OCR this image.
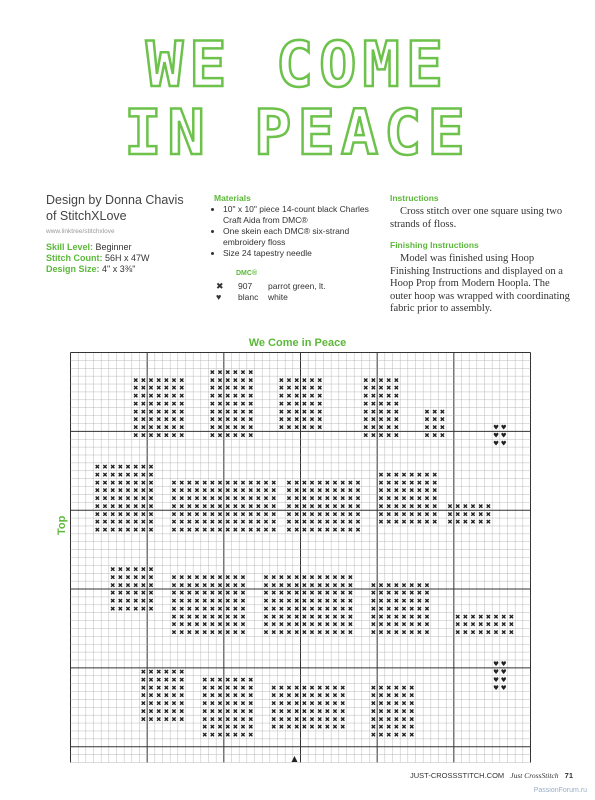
WE COME
IN PEACE
Design by Donna Chavis
of StitchXLove
www.linktree/stitchxlove
Skill Level: Beginner
Stitch Count: 56H x 47W
Design Size: 4" x 3⅜"
Materials
• 10" x 10" piece 14-count black Charles Craft Aida from DMC®
• One skein each DMC® six-strand embroidery floss
• Size 24 tapestry needle
DMC®
✖	907	parrot green, lt.
♥	blanc	white
Instructions

Cross stitch over one square using two strands of floss.

Finishing Instructions

Model was finished using Hoop Finishing Instructions and displayed on a Hoop Prop from Modern Hoopla. The outer hoop was wrapped with coordinating fabric prior to assembly.

We Come in Peace
Top
✖ ✖ ✖ ✖ ✖ ✖ ✖
✖ ✖ ✖ ✖ ✖ ✖ ✖
✖ ✖ ✖ ✖ ✖ ✖ ✖
✖ ✖ ✖ ✖ ✖ ✖ ✖
✖ ✖ ✖ ✖ ✖ ✖ ✖
✖ ✖ ✖ ✖ ✖ ✖ ✖
✖ ✖ ✖ ✖ ✖ ✖ ✖
✖ ✖ ✖ ✖ ✖ ✖ ✖
✖ ✖ ✖ ✖ ✖ ✖
✖ ✖ ✖ ✖ ✖ ✖
✖ ✖ ✖ ✖ ✖ ✖
✖ ✖ ✖ ✖ ✖ ✖
✖ ✖ ✖ ✖ ✖ ✖
✖ ✖ ✖ ✖ ✖ ✖
✖ ✖ ✖ ✖ ✖ ✖
✖ ✖ ✖ ✖ ✖ ✖
✖ ✖ ✖ ✖ ✖ ✖
✖ ✖ ✖ ✖ ✖ ✖
✖ ✖ ✖ ✖ ✖ ✖
✖ ✖ ✖ ✖ ✖ ✖
✖ ✖ ✖ ✖ ✖ ✖
✖ ✖ ✖ ✖ ✖ ✖
✖ ✖ ✖ ✖ ✖ ✖
✖ ✖ ✖ ✖ ✖ ✖
✖ ✖ ✖ ✖ ✖
✖ ✖ ✖ ✖ ✖
✖ ✖ ✖ ✖ ✖
✖ ✖ ✖ ✖ ✖
✖ ✖ ✖ ✖ ✖
✖ ✖ ✖ ✖ ✖
✖ ✖ ✖ ✖ ✖
✖ ✖ ✖ ✖ ✖
✖ ✖ ✖
✖ ✖ ✖
✖ ✖ ✖
✖ ✖ ✖
♥ ♥
♥ ♥
♥ ♥
✖ ✖ ✖ ✖ ✖ ✖ ✖ ✖
✖ ✖ ✖ ✖ ✖ ✖ ✖ ✖
✖ ✖ ✖ ✖ ✖ ✖ ✖ ✖
✖ ✖ ✖ ✖ ✖ ✖ ✖ ✖
✖ ✖ ✖ ✖ ✖ ✖ ✖ ✖
✖ ✖ ✖ ✖ ✖ ✖ ✖ ✖
✖ ✖ ✖ ✖ ✖ ✖ ✖ ✖
✖ ✖ ✖ ✖ ✖ ✖ ✖ ✖
✖ ✖ ✖ ✖ ✖ ✖ ✖ ✖
✖ ✖ ✖ ✖ ✖ ✖ ✖ ✖ ✖ ✖ ✖ ✖ ✖ ✖
✖ ✖ ✖ ✖ ✖ ✖ ✖ ✖ ✖ ✖ ✖ ✖ ✖ ✖
✖ ✖ ✖ ✖ ✖ ✖ ✖ ✖ ✖ ✖ ✖ ✖ ✖ ✖
✖ ✖ ✖ ✖ ✖ ✖ ✖ ✖ ✖ ✖ ✖ ✖ ✖ ✖
✖ ✖ ✖ ✖ ✖ ✖ ✖ ✖ ✖ ✖ ✖ ✖ ✖ ✖
✖ ✖ ✖ ✖ ✖ ✖ ✖ ✖ ✖ ✖ ✖ ✖ ✖ ✖
✖ ✖ ✖ ✖ ✖ ✖ ✖ ✖ ✖ ✖ ✖ ✖ ✖ ✖
✖ ✖ ✖ ✖ ✖ ✖ ✖ ✖ ✖ ✖
✖ ✖ ✖ ✖ ✖ ✖ ✖ ✖ ✖ ✖
✖ ✖ ✖ ✖ ✖ ✖ ✖ ✖ ✖ ✖
✖ ✖ ✖ ✖ ✖ ✖ ✖ ✖ ✖ ✖
✖ ✖ ✖ ✖ ✖ ✖ ✖ ✖ ✖ ✖
✖ ✖ ✖ ✖ ✖ ✖ ✖ ✖ ✖ ✖
✖ ✖ ✖ ✖ ✖ ✖ ✖ ✖ ✖ ✖
✖ ✖ ✖ ✖ ✖ ✖ ✖ ✖
✖ ✖ ✖ ✖ ✖ ✖ ✖ ✖
✖ ✖ ✖ ✖ ✖ ✖ ✖ ✖
✖ ✖ ✖ ✖ ✖ ✖ ✖ ✖
✖ ✖ ✖ ✖ ✖ ✖ ✖ ✖
✖ ✖ ✖ ✖ ✖ ✖ ✖ ✖
✖ ✖ ✖ ✖ ✖ ✖ ✖ ✖
✖ ✖ ✖ ✖ ✖ ✖
✖ ✖ ✖ ✖ ✖ ✖
✖ ✖ ✖ ✖ ✖ ✖
✖ ✖ ✖ ✖ ✖ ✖
✖ ✖ ✖ ✖ ✖ ✖
✖ ✖ ✖ ✖ ✖ ✖
✖ ✖ ✖ ✖ ✖ ✖
✖ ✖ ✖ ✖ ✖ ✖
✖ ✖ ✖ ✖ ✖ ✖
✖ ✖ ✖ ✖ ✖ ✖ ✖ ✖ ✖ ✖
✖ ✖ ✖ ✖ ✖ ✖ ✖ ✖ ✖ ✖
✖ ✖ ✖ ✖ ✖ ✖ ✖ ✖ ✖ ✖
✖ ✖ ✖ ✖ ✖ ✖ ✖ ✖ ✖ ✖
✖ ✖ ✖ ✖ ✖ ✖ ✖ ✖ ✖ ✖
✖ ✖ ✖ ✖ ✖ ✖ ✖ ✖ ✖ ✖
✖ ✖ ✖ ✖ ✖ ✖ ✖ ✖ ✖ ✖
✖ ✖ ✖ ✖ ✖ ✖ ✖ ✖ ✖ ✖
✖ ✖ ✖ ✖ ✖ ✖ ✖ ✖ ✖ ✖ ✖ ✖
✖ ✖ ✖ ✖ ✖ ✖ ✖ ✖ ✖ ✖ ✖ ✖
✖ ✖ ✖ ✖ ✖ ✖ ✖ ✖ ✖ ✖ ✖ ✖
✖ ✖ ✖ ✖ ✖ ✖ ✖ ✖ ✖ ✖ ✖ ✖
✖ ✖ ✖ ✖ ✖ ✖ ✖ ✖ ✖ ✖ ✖ ✖
✖ ✖ ✖ ✖ ✖ ✖ ✖ ✖ ✖ ✖ ✖ ✖
✖ ✖ ✖ ✖ ✖ ✖ ✖ ✖ ✖ ✖ ✖ ✖
✖ ✖ ✖ ✖ ✖ ✖ ✖ ✖ ✖ ✖ ✖ ✖
✖ ✖ ✖ ✖ ✖ ✖ ✖ ✖
✖ ✖ ✖ ✖ ✖ ✖ ✖ ✖
✖ ✖ ✖ ✖ ✖ ✖ ✖ ✖
✖ ✖ ✖ ✖ ✖ ✖ ✖ ✖
✖ ✖ ✖ ✖ ✖ ✖ ✖ ✖
✖ ✖ ✖ ✖ ✖ ✖ ✖ ✖
✖ ✖ ✖ ✖ ✖ ✖ ✖ ✖
✖ ✖ ✖ ✖ ✖ ✖ ✖ ✖
✖ ✖ ✖ ✖ ✖ ✖ ✖ ✖
✖ ✖ ✖ ✖ ✖ ✖ ✖ ✖
✖ ✖ ✖ ✖ ✖ ✖
✖ ✖ ✖ ✖ ✖ ✖
✖ ✖ ✖ ✖ ✖ ✖
✖ ✖ ✖ ✖ ✖ ✖
✖ ✖ ✖ ✖ ✖ ✖
✖ ✖ ✖ ✖ ✖ ✖
✖ ✖ ✖ ✖ ✖ ✖
✖ ✖ ✖ ✖ ✖ ✖ ✖
✖ ✖ ✖ ✖ ✖ ✖ ✖
✖ ✖ ✖ ✖ ✖ ✖ ✖
✖ ✖ ✖ ✖ ✖ ✖ ✖
✖ ✖ ✖ ✖ ✖ ✖ ✖
✖ ✖ ✖ ✖ ✖ ✖ ✖
✖ ✖ ✖ ✖ ✖ ✖ ✖
✖ ✖ ✖ ✖ ✖ ✖ ✖
✖ ✖ ✖ ✖ ✖ ✖ ✖ ✖ ✖ ✖
✖ ✖ ✖ ✖ ✖ ✖ ✖ ✖ ✖ ✖
✖ ✖ ✖ ✖ ✖ ✖ ✖ ✖ ✖ ✖
✖ ✖ ✖ ✖ ✖ ✖ ✖ ✖ ✖ ✖
✖ ✖ ✖ ✖ ✖ ✖ ✖ ✖ ✖ ✖
✖ ✖ ✖ ✖ ✖ ✖ ✖ ✖ ✖ ✖
✖ ✖ ✖ ✖ ✖ ✖
✖ ✖ ✖ ✖ ✖ ✖
✖ ✖ ✖ ✖ ✖ ✖
✖ ✖ ✖ ✖ ✖ ✖
✖ ✖ ✖ ✖ ✖ ✖
✖ ✖ ✖ ✖ ✖ ✖
✖ ✖ ✖ ✖ ✖ ✖
♥ ♥
♥ ♥
♥ ♥
♥ ♥
JUST-CROSSSTITCH.COM Just CrossStitch 71
PassionForum.ru
